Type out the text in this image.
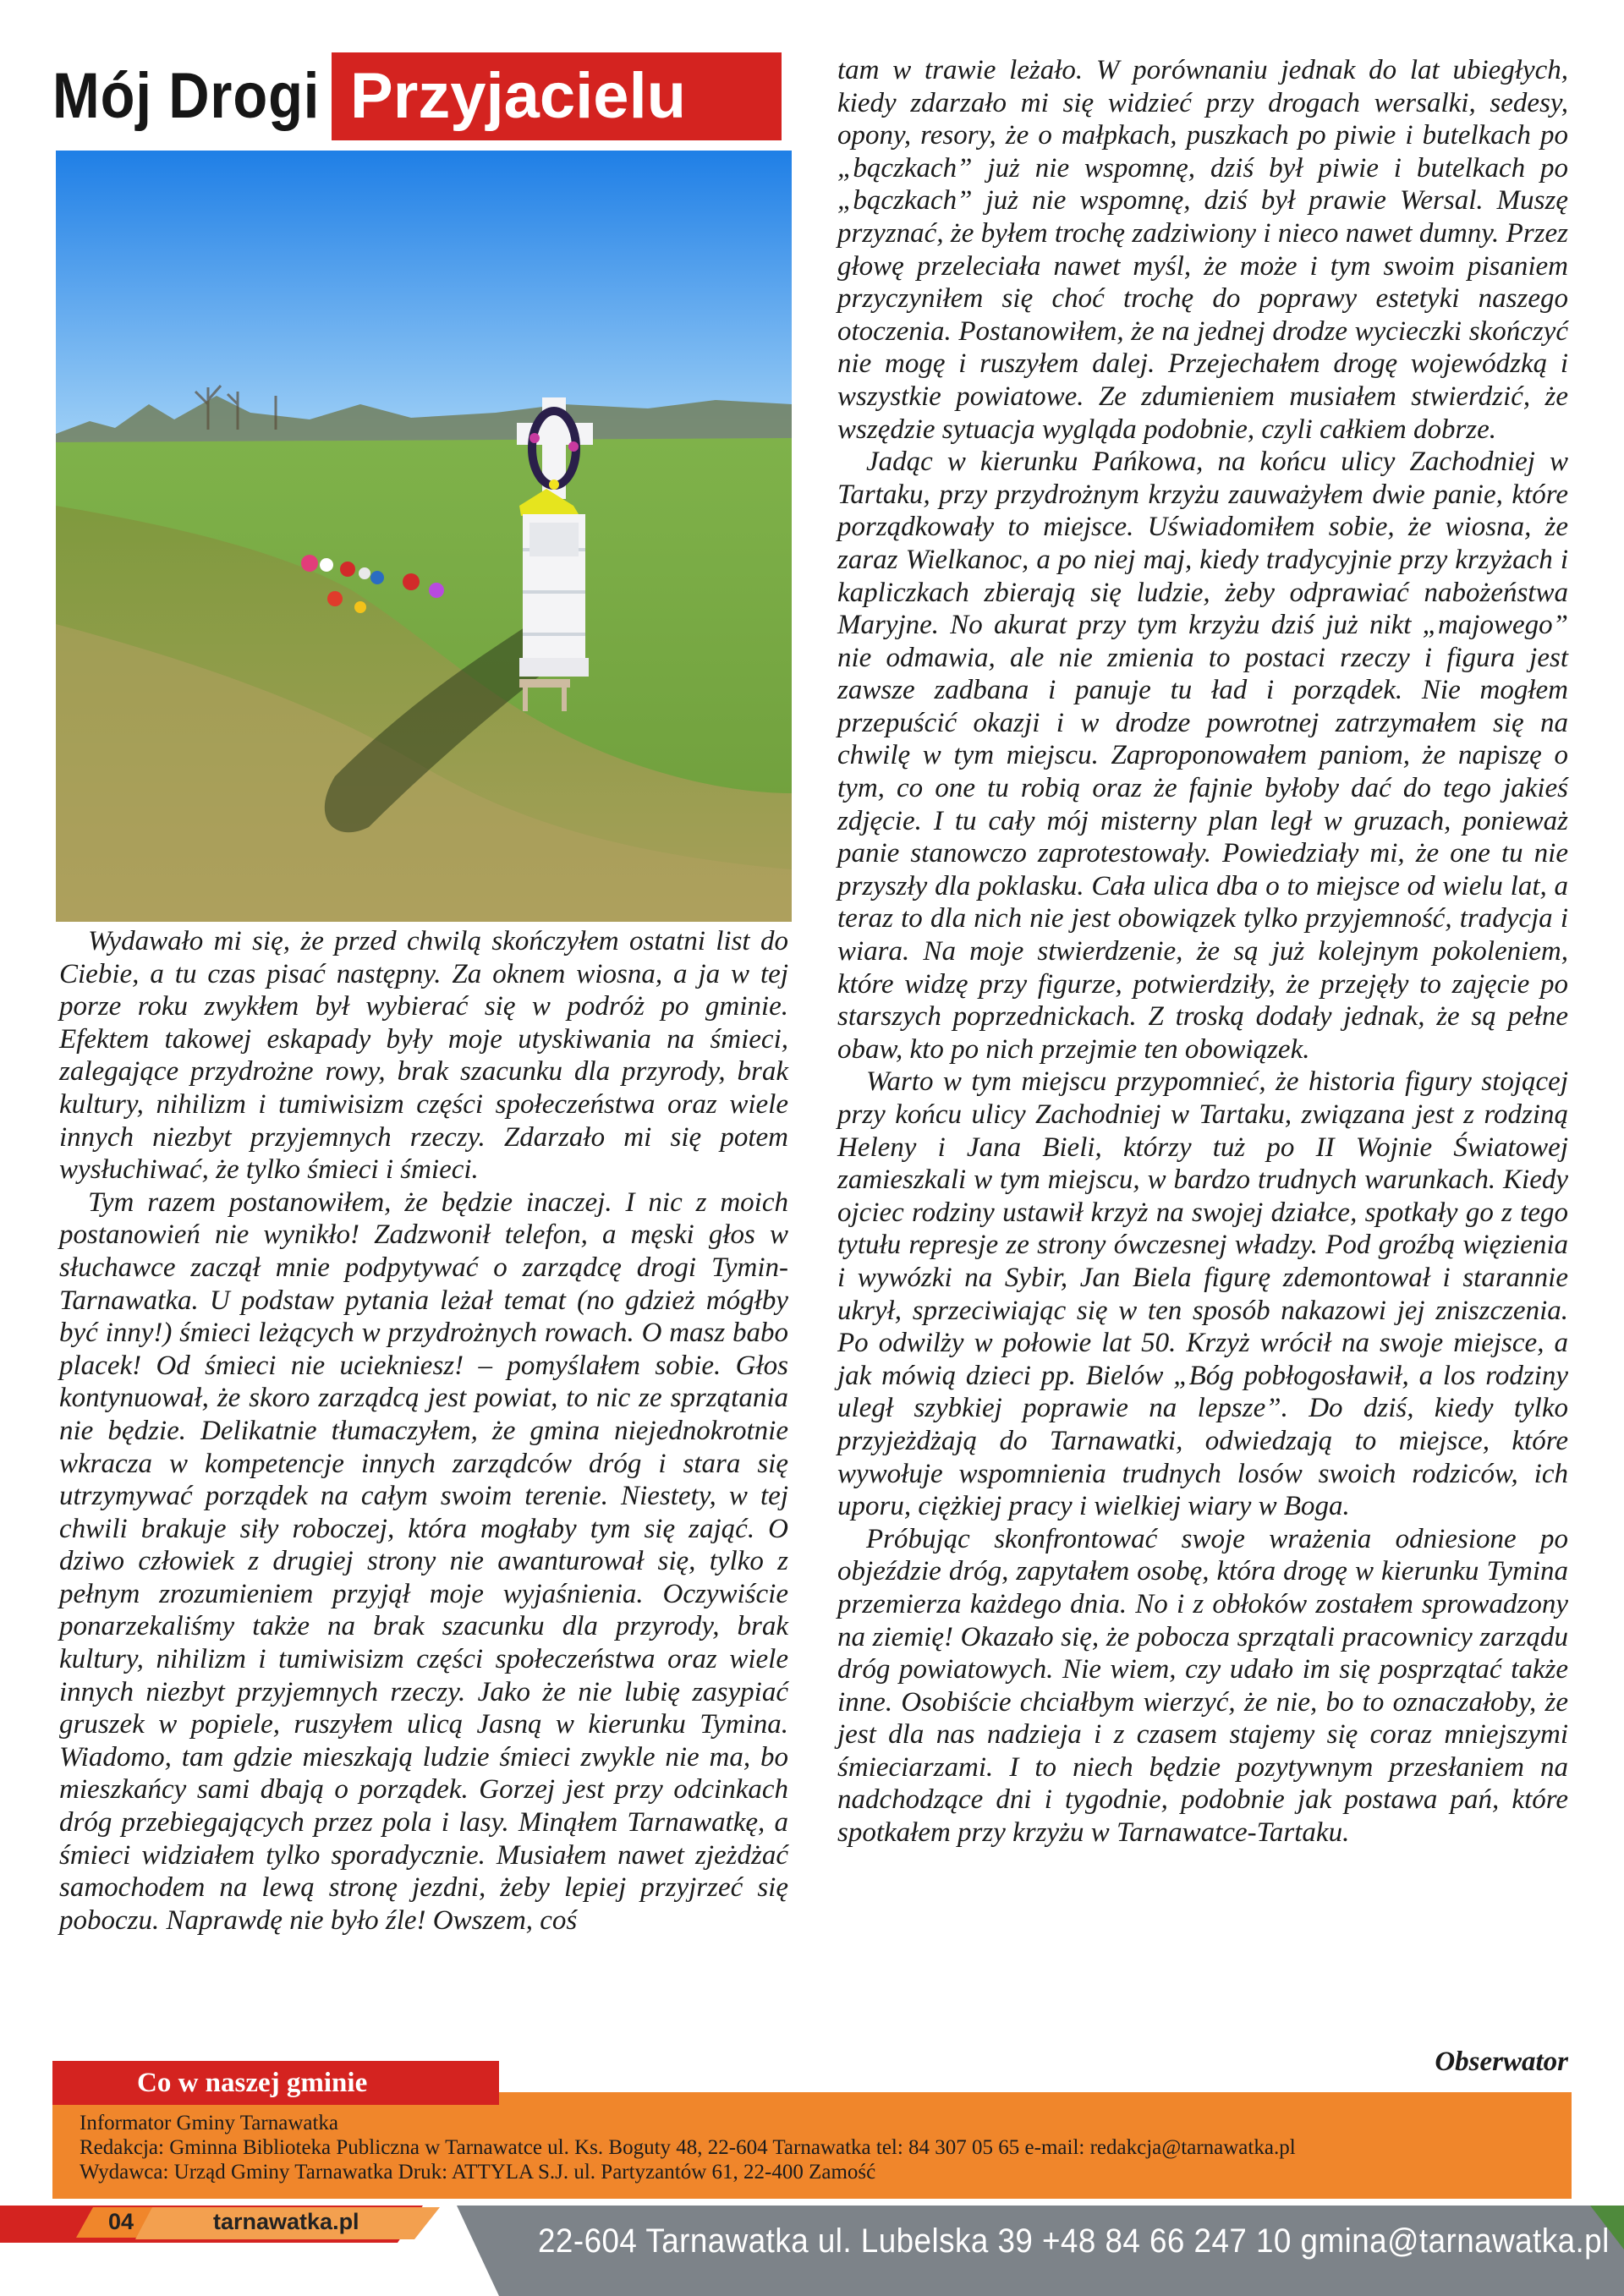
Mój Drogi Przyjacielu

Wydawało mi się, że przed chwilą skończyłem ostatni list do Ciebie, a tu czas pisać następny. Za oknem wiosna, a ja w tej porze roku zwykłem był wybierać się w podróż po gminie. Efektem takowej eskapady były moje utyskiwania na śmieci, zalegające przydrożne rowy, brak szacunku dla przyrody, brak kultury, nihilizm i tumiwisizm części społeczeństwa oraz wiele innych niezbyt przyjemnych rzeczy. Zdarzało mi się potem wysłuchiwać, że tylko śmieci i śmieci.

Tym razem postanowiłem, że będzie inaczej. I nic z moich postanowień nie wynikło! Zadzwonił telefon, a męski głos w słuchawce zaczął mnie podpytywać o zarządcę drogi Tymin-Tarnawatka. U podstaw pytania leżał temat (no gdzież mógłby być inny!) śmieci leżących w przydrożnych rowach. O masz babo placek! Od śmieci nie uciekniesz! – pomyślałem sobie. Głos kontynuował, że skoro zarządcą jest powiat, to nic ze sprzątania nie będzie. Delikatnie tłumaczyłem, że gmina niejednokrotnie wkracza w kompetencje innych zarządców dróg i stara się utrzymywać porządek na całym swoim terenie. Niestety, w tej chwili brakuje siły roboczej, która mogłaby tym się zająć. O dziwo człowiek z drugiej strony nie awanturował się, tylko z pełnym zrozumieniem przyjął moje wyjaśnienia. Oczywiście ponarzekaliśmy także na brak szacunku dla przyrody, brak kultury, nihilizm i tumiwisizm części społeczeństwa oraz wiele innych niezbyt przyjemnych rzeczy. Jako że nie lubię zasypiać gruszek w popiele, ruszyłem ulicą Jasną w kierunku Tymina. Wiadomo, tam gdzie mieszkają ludzie śmieci zwykle nie ma, bo mieszkańcy sami dbają o porządek. Gorzej jest przy odcinkach dróg przebiegających przez pola i lasy. Minąłem Tarnawatkę, a śmieci widziałem tylko sporadycznie. Musiałem nawet zjeżdżać samochodem na lewą stronę jezdni, żeby lepiej przyjrzeć się poboczu. Naprawdę nie było źle! Owszem, coś

tam w trawie leżało. W porównaniu jednak do lat ubiegłych, kiedy zdarzało mi się widzieć przy drogach wersalki, sedesy, opony, resory, że o małpkach, puszkach po piwie i butelkach po „bączkach” już nie wspomnę, dziś był piwie i butelkach po „bączkach” już nie wspomnę, dziś był prawie Wersal. Muszę przyznać, że byłem trochę zadziwiony i nieco nawet dumny. Przez głowę przeleciała nawet myśl, że może i tym swoim pisaniem przyczyniłem się choć trochę do poprawy estetyki naszego otoczenia. Postanowiłem, że na jednej drodze wycieczki skończyć nie mogę i ruszyłem dalej. Przejechałem drogę wojewódzką i wszystkie powiatowe. Ze zdumieniem musiałem stwierdzić, że wszędzie sytuacja wygląda podobnie, czyli całkiem dobrze.

Jadąc w kierunku Pańkowa, na końcu ulicy Zachodniej w Tartaku, przy przydrożnym krzyżu zauważyłem dwie panie, które porządkowały to miejsce. Uświadomiłem sobie, że wiosna, że zaraz Wielkanoc, a po niej maj, kiedy tradycyjnie przy krzyżach i kapliczkach zbierają się ludzie, żeby odprawiać nabożeństwa Maryjne. No akurat przy tym krzyżu dziś już nikt „majowego” nie odmawia, ale nie zmienia to postaci rzeczy i figura jest zawsze zadbana i panuje tu ład i porządek. Nie mogłem przepuścić okazji i w drodze powrotnej zatrzymałem się na chwilę w tym miejscu. Zaproponowałem paniom, że napiszę o tym, co one tu robią oraz że fajnie byłoby dać do tego jakieś zdjęcie. I tu cały mój misterny plan legł w gruzach, ponieważ panie stanowczo zaprotestowały. Powiedziały mi, że one tu nie przyszły dla poklasku. Cała ulica dba o to miejsce od wielu lat, a teraz to dla nich nie jest obowiązek tylko przyjemność, tradycja i wiara. Na moje stwierdzenie, że są już kolejnym pokoleniem, które widzę przy figurze, potwierdziły, że przejęły to zajęcie po starszych poprzednickach. Z troską dodały jednak, że są pełne obaw, kto po nich przejmie ten obowiązek.

Warto w tym miejscu przypomnieć, że historia figury stojącej przy końcu ulicy Zachodniej w Tartaku, związana jest z rodziną Heleny i Jana Bieli, którzy tuż po II Wojnie Światowej zamieszkali w tym miejscu, w bardzo trudnych warunkach. Kiedy ojciec rodziny ustawił krzyż na swojej działce, spotkały go z tego tytułu represje ze strony ówczesnej władzy. Pod groźbą więzienia i wywózki na Sybir, Jan Biela figurę zdemontował i starannie ukrył, sprzeciwiając się w ten sposób nakazowi jej zniszczenia. Po odwilży w połowie lat 50. Krzyż wrócił na swoje miejsce, a jak mówią dzieci pp. Bielów „Bóg pobłogosławił, a los rodziny uległ szybkiej poprawie na lepsze”. Do dziś, kiedy tylko przyjeżdżają do Tarnawatki, odwiedzają to miejsce, które wywołuje wspomnienia trudnych losów swoich rodziców, ich uporu, ciężkiej pracy i wielkiej wiary w Boga.

Próbując skonfrontować swoje wrażenia odniesione po objeździe dróg, zapytałem osobę, która drogę w kierunku Tymina przemierza każdego dnia. No i z obłoków zostałem sprowadzony na ziemię! Okazało się, że pobocza sprzątali pracownicy zarządu dróg powiatowych. Nie wiem, czy udało im się posprzątać także inne. Osobiście chciałbym wierzyć, że nie, bo to oznaczałoby, że jest dla nas nadzieja i z czasem stajemy się coraz mniejszymi śmieciarzami. I to niech będzie pozytywnym przesłaniem na nadchodzące dni i tygodnie, podobnie jak postawa pań, które spotkałem przy krzyżu w Tarnawatce-Tartaku.

Obserwator
Informator Gminy Tarnawatka
Redakcja: Gminna Biblioteka Publiczna w Tarnawatce ul. Ks. Boguty 48, 22-604 Tarnawatka tel: 84 307 05 65 e-mail: redakcja@tarnawatka.pl
Wydawca: Urząd Gminy Tarnawatka Druk: ATTYLA S.J. ul. Partyzantów 61, 22-400 Zamość
Co w naszej gminie
04	tarnawatka.pl
22-604 Tarnawatka ul. Lubelska 39 +48 84 66 247 10 gmina@tarnawatka.pl
